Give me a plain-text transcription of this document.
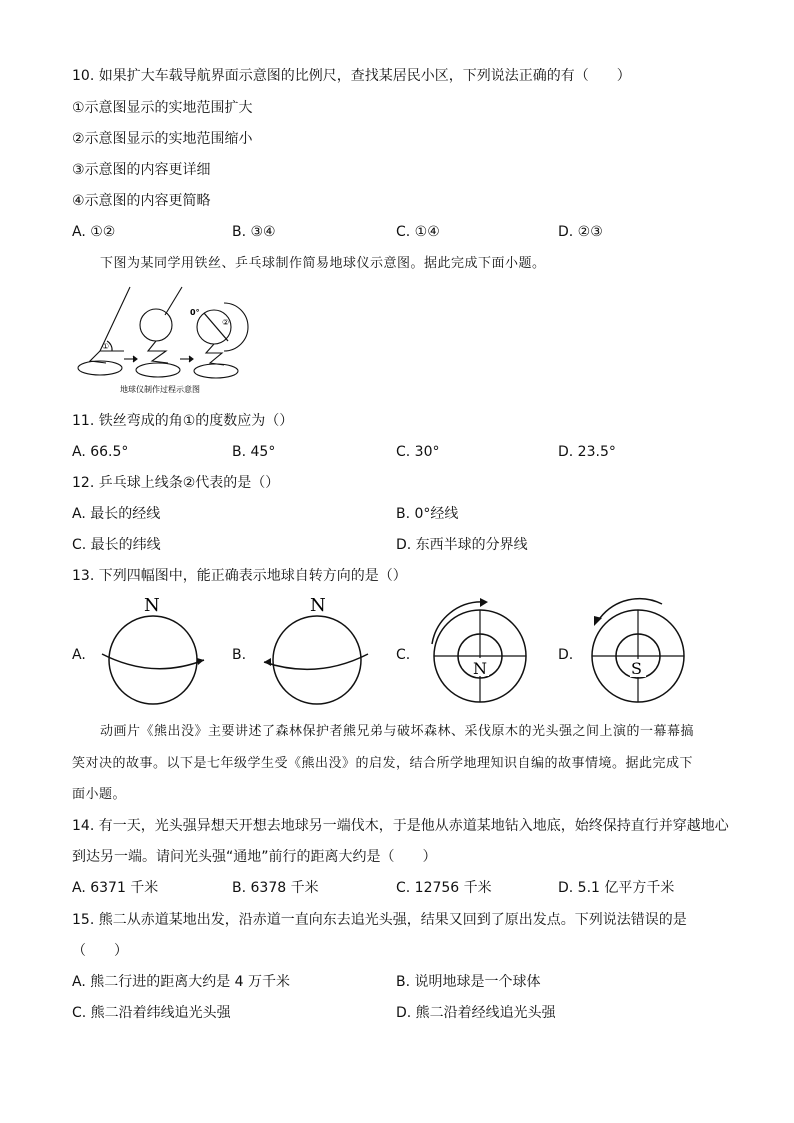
10. 如果扩大车载导航界面示意图的比例尺，查找某居民小区，下列说法正确的有（　　）
①示意图显示的实地范围扩大
②示意图显示的实地范围缩小
③示意图的内容更详细
④示意图的内容更简略
A. ①②	B. ③④	C. ①④	D. ②③
下图为某同学用铁丝、乒乓球制作简易地球仪示意图。据此完成下面小题。
①
②
0°
地球仪制作过程示意图
11. 铁丝弯成的角①的度数应为（）
A. 66.5°	B. 45°	C. 30°	D. 23.5°
12. 乒乓球上线条②代表的是（）
A. 最长的经线	B. 0°经线
C. 最长的纬线	D. 东西半球的分界线
13. 下列四幅图中，能正确表示地球自转方向的是（）
A.
N
B.
N
C.
N
D.
S
动画片《熊出没》主要讲述了森林保护者熊兄弟与破坏森林、采伐原木的光头强之间上演的一幕幕搞
笑对决的故事。以下是七年级学生受《熊出没》的启发，结合所学地理知识自编的故事情境。据此完成下
面小题。
14. 有一天，光头强异想天开想去地球另一端伐木，于是他从赤道某地钻入地底，始终保持直行并穿越地心
到达另一端。请问光头强“通地”前行的距离大约是（　　）
A. 6371 千米	B. 6378 千米	C. 12756 千米	D. 5.1 亿平方千米
15. 熊二从赤道某地出发，沿赤道一直向东去追光头强，结果又回到了原出发点。下列说法错误的是
（　　）
A. 熊二行进的距离大约是 4 万千米	B. 说明地球是一个球体
C. 熊二沿着纬线追光头强	D. 熊二沿着经线追光头强
